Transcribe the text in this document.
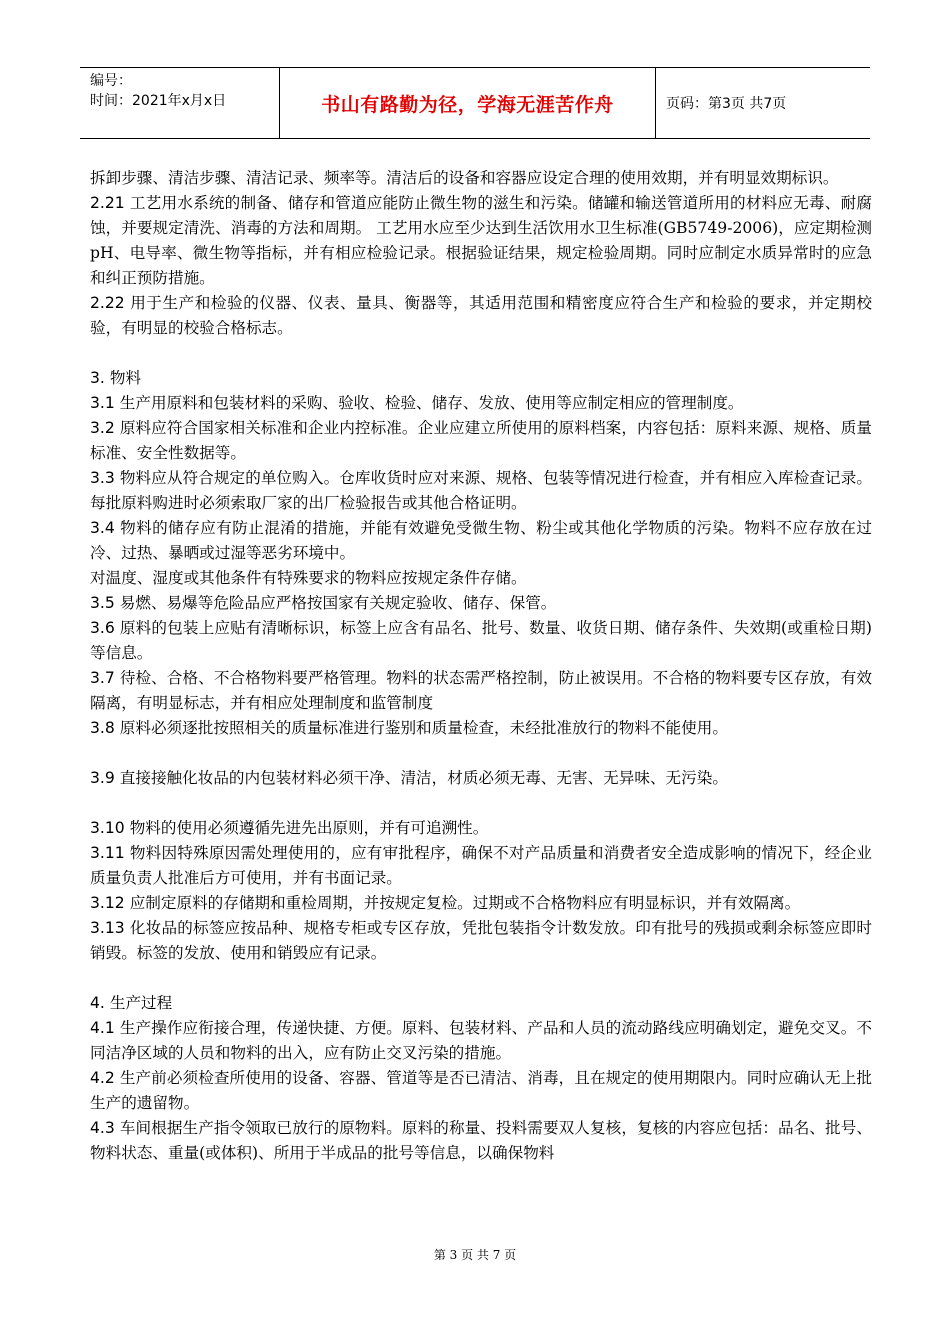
编号：
时间：2021年x月x日	书山有路勤为径，学海无涯苦作舟	页码：第3页 共7页

拆卸步骤、清洁步骤、清洁记录、频率等。清洁后的设备和容器应设定合理的使用效期，并有明显效期标识。

2.21 工艺用水系统的制备、储存和管道应能防止微生物的滋生和污染。储罐和输送管道所用的材料应无毒、耐腐蚀，并要规定清洗、消毒的方法和周期。 工艺用水应至少达到生活饮用水卫生标准(GB5749-2006)，应定期检测pH、电导率、微生物等指标，并有相应检验记录。根据验证结果，规定检验周期。同时应制定水质异常时的应急和纠正预防措施。

2.22 用于生产和检验的仪器、仪表、量具、衡器等，其适用范围和精密度应符合生产和检验的要求，并定期校验，有明显的校验合格标志。

3. 物料

3.1 生产用原料和包装材料的采购、验收、检验、储存、发放、使用等应制定相应的管理制度。

3.2 原料应符合国家相关标准和企业内控标准。企业应建立所使用的原料档案，内容包括：原料来源、规格、质量标准、安全性数据等。

3.3 物料应从符合规定的单位购入。仓库收货时应对来源、规格、包装等情况进行检查，并有相应入库检查记录。每批原料购进时必须索取厂家的出厂检验报告或其他合格证明。

3.4 物料的储存应有防止混淆的措施，并能有效避免受微生物、粉尘或其他化学物质的污染。物料不应存放在过冷、过热、暴晒或过湿等恶劣环境中。

对温度、湿度或其他条件有特殊要求的物料应按规定条件存储。

3.5 易燃、易爆等危险品应严格按国家有关规定验收、储存、保管。

3.6 原料的包装上应贴有清晰标识，标签上应含有品名、批号、数量、收货日期、储存条件、失效期(或重检日期)等信息。

3.7 待检、合格、不合格物料要严格管理。物料的状态需严格控制，防止被误用。不合格的物料要专区存放，有效隔离，有明显标志，并有相应处理制度和监管制度

3.8 原料必须逐批按照相关的质量标准进行鉴别和质量检查，未经批准放行的物料不能使用。

3.9 直接接触化妆品的内包装材料必须干净、清洁，材质必须无毒、无害、无异味、无污染。

3.10 物料的使用必须遵循先进先出原则，并有可追溯性。

3.11 物料因特殊原因需处理使用的，应有审批程序，确保不对产品质量和消费者安全造成影响的情况下，经企业质量负责人批准后方可使用，并有书面记录。

3.12 应制定原料的存储期和重检周期，并按规定复检。过期或不合格物料应有明显标识，并有效隔离。

3.13 化妆品的标签应按品种、规格专柜或专区存放，凭批包装指令计数发放。印有批号的残损或剩余标签应即时销毁。标签的发放、使用和销毁应有记录。

4. 生产过程

4.1 生产操作应衔接合理，传递快捷、方便。原料、包装材料、产品和人员的流动路线应明确划定，避免交叉。不同洁净区域的人员和物料的出入，应有防止交叉污染的措施。

4.2 生产前必须检查所使用的设备、容器、管道等是否已清洁、消毒，且在规定的使用期限内。同时应确认无上批生产的遗留物。

4.3 车间根据生产指令领取已放行的原物料。原料的称量、投料需要双人复核，复核的内容应包括：品名、批号、物料状态、重量(或体积)、所用于半成品的批号等信息，以确保物料

第 3 页 共 7 页
